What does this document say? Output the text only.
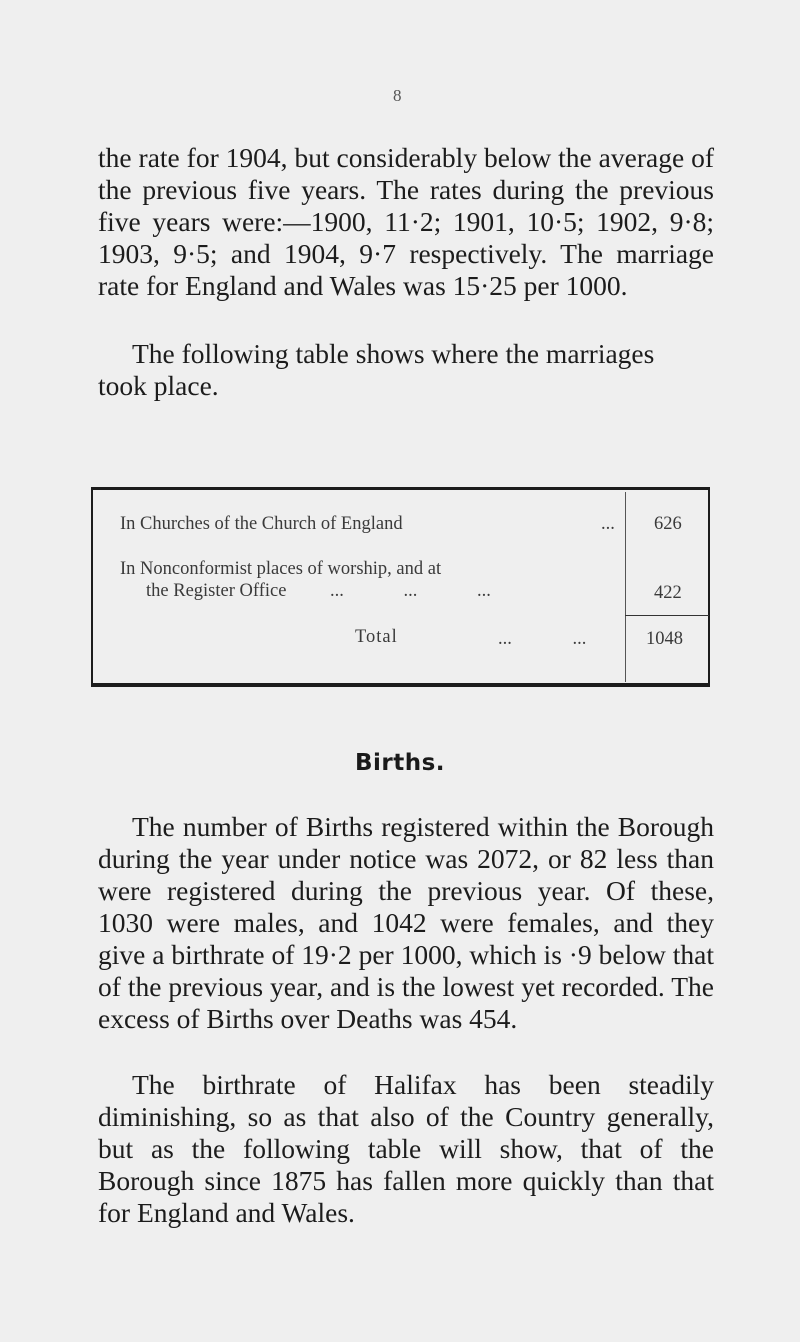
8

the rate for 1904, but considerably below the average of the previous five years. The rates during the previous five years were:—1900, 11·2; 1901, 10·5; 1902, 9·8; 1903, 9·5; and 1904, 9·7 respectively. The marriage rate for England and Wales was 15·25 per 1000.

The following table shows where the marriages
took place.
In Churches of the Church of England	... 626
In Nonconformist places of worship, and at
the Register Office ... ... ...	422
Total	... ...	1048
Births.

The number of Births registered within the Borough during the year under notice was 2072, or 82 less than were registered during the previous year. Of these, 1030 were males, and 1042 were females, and they give a birthrate of 19·2 per 1000, which is ·9 below that of the previous year, and is the lowest yet recorded. The excess of Births over Deaths was 454.

The birthrate of Halifax has been steadily diminishing, so as that also of the Country generally, but as the following table will show, that of the Borough since 1875 has fallen more quickly than that for England and Wales.
